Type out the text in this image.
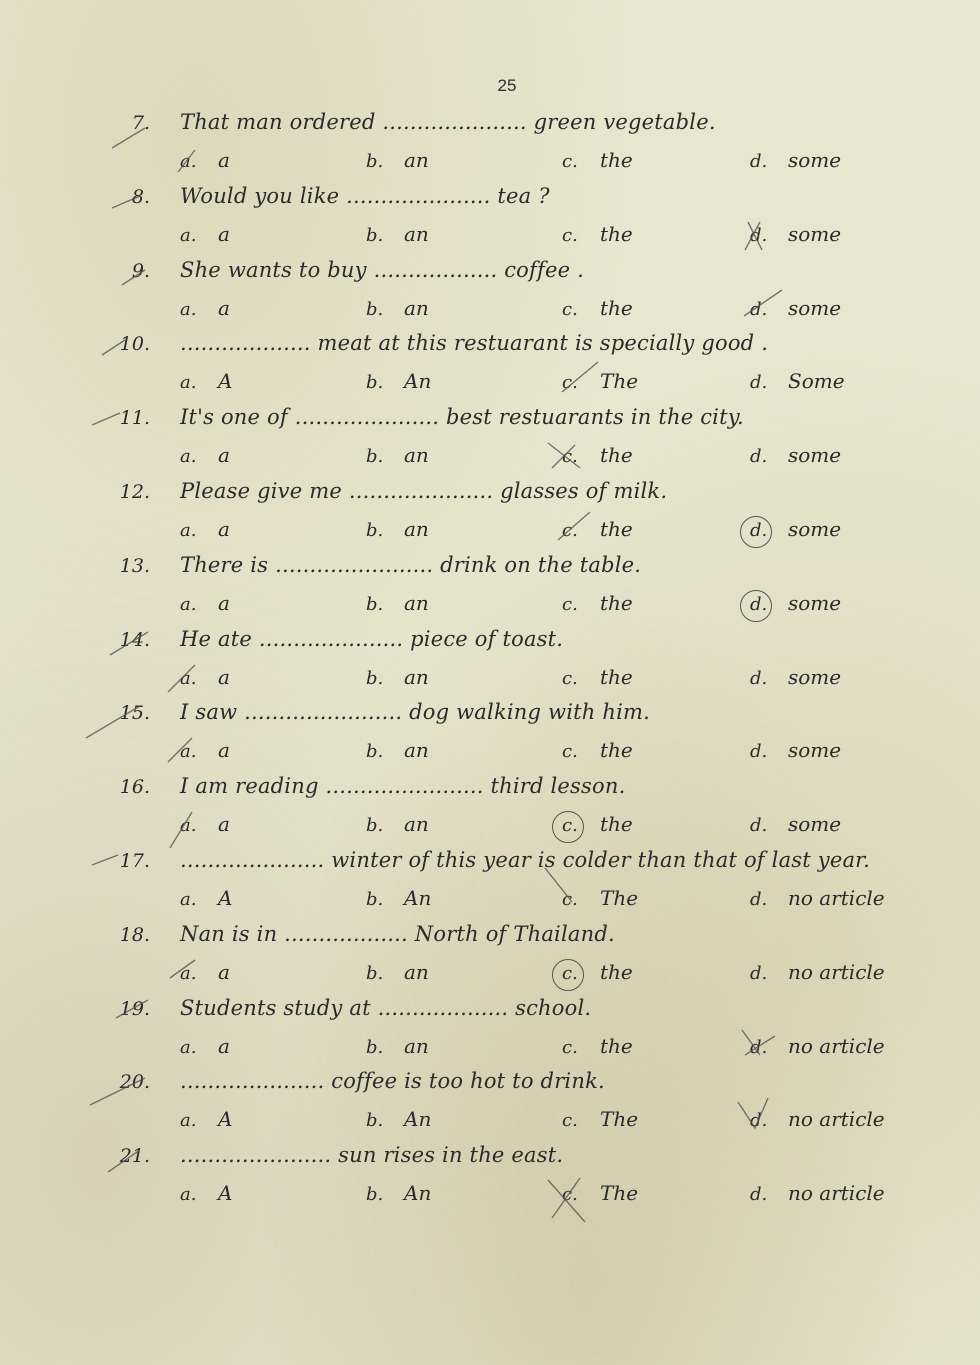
25
7. That man ordered ..................... green vegetable.
a. a	b. an	c. the	d. some
8. Would you like ..................... tea ?
a. a	b. an	c. the	d. some
9. She wants to buy .................. coffee .
a. a	b. an	c. the	d. some
10. ................... meat at this restuarant is specially good .
a. A	b. An	c. The	d. Some
11. It's one of ..................... best restuarants in the city.
a. a	b. an	c. the	d. some
12. Please give me ..................... glasses of milk.
a. a	b. an	c. the	d. some
13. There is ....................... drink on the table.
a. a	b. an	c. the	d. some
14. He ate ..................... piece of toast.
a. a	b. an	c. the	d. some
15. I saw ....................... dog walking with him.
a. a	b. an	c. the	d. some
16. I am reading ....................... third lesson.
a. a	b. an	c. the	d. some
17. ..................... winter of this year is colder than that of last year.
a. A	b. An	c. The	d. no article
18. Nan is in .................. North of Thailand.
a. a	b. an	c. the	d. no article
19. Students study at ................... school.
a. a	b. an	c. the	d. no article
20. ..................... coffee is too hot to drink.
a. A	b. An	c. The	d. no article
21. ...................... sun rises in the east.
a. A	b. An	c. The	d. no article
